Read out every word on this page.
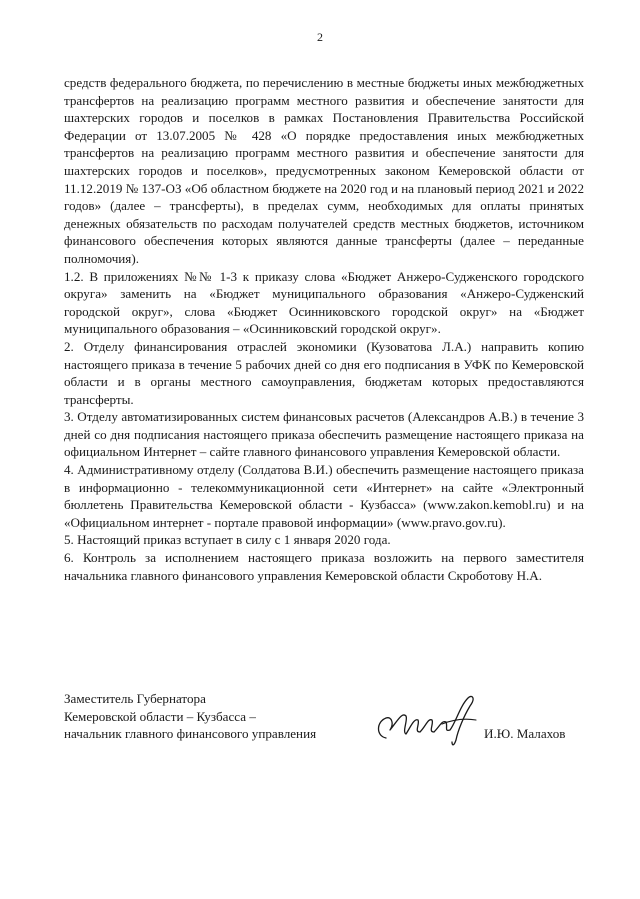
2

средств федерального бюджета, по перечислению в местные бюджеты иных межбюджетных трансфертов на реализацию программ местного развития и обеспечение занятости для шахтерских городов и поселков в рамках Постановления Правительства Российской Федерации от 13.07.2005 № 428 «О порядке предоставления иных межбюджетных трансфертов на реализацию программ местного развития и обеспечение занятости для шахтерских городов и поселков», предусмотренных законом Кемеровской области от 11.12.2019 № 137-ОЗ «Об областном бюджете на 2020 год и на плановый период 2021 и 2022 годов» (далее – трансферты), в пределах сумм, необходимых для оплаты принятых денежных обязательств по расходам получателей средств местных бюджетов, источником финансового обеспечения которых являются данные трансферты (далее – переданные полномочия).

1.2. В приложениях №№ 1-3 к приказу слова «Бюджет Анжеро-Судженского городского округа» заменить на «Бюджет муниципального образования «Анжеро-Судженский городской округ», слова «Бюджет Осинниковского городской округ» на «Бюджет муниципального образования – «Осинниковский городской округ».

2. Отделу финансирования отраслей экономики (Кузоватова Л.А.) направить копию настоящего приказа в течение 5 рабочих дней со дня его подписания в УФК по Кемеровской области и в органы местного самоуправления, бюджетам которых предоставляются трансферты.

3. Отделу автоматизированных систем финансовых расчетов (Александров А.В.) в течение 3 дней со дня подписания настоящего приказа обеспечить размещение настоящего приказа на официальном Интернет – сайте главного финансового управления Кемеровской области.

4. Административному отделу (Солдатова В.И.) обеспечить размещение настоящего приказа в информационно - телекоммуникационной сети «Интернет» на сайте «Электронный бюллетень Правительства Кемеровской области - Кузбасса» (www.zakon.kemobl.ru) и на «Официальном интернет - портале правовой информации» (www.pravo.gov.ru).

5. Настоящий приказ вступает в силу с 1 января 2020 года.

6. Контроль за исполнением настоящего приказа возложить на первого заместителя начальника главного финансового управления Кемеровской области Скроботову Н.А.

Заместитель Губернатора
Кемеровской области – Кузбасса –
начальник главного финансового управления	И.Ю. Малахов
